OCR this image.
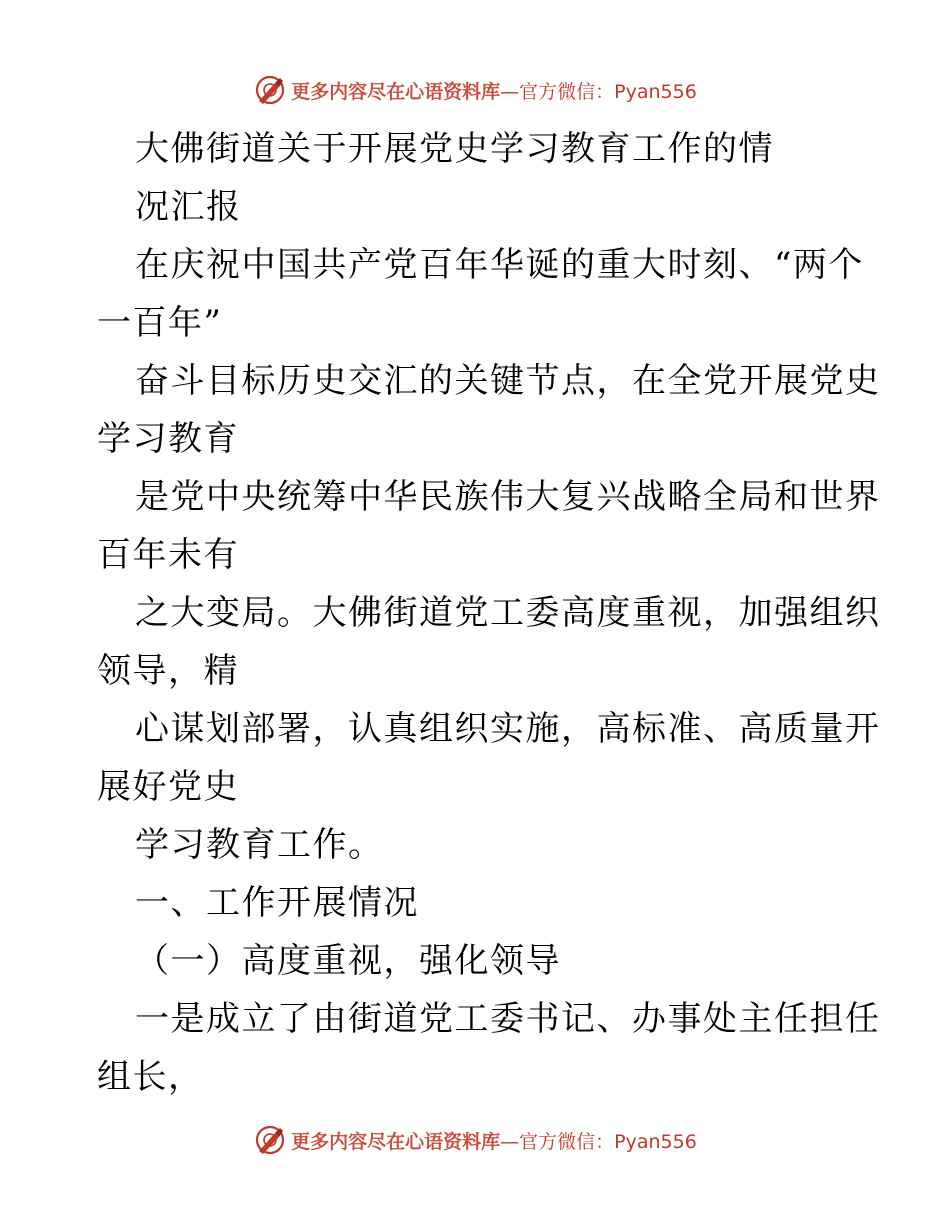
更多内容尽在心语资料库—官方微信：Pyan556
大佛街道关于开展党史学习教育工作的情
况汇报
在庆祝中国共产党百年华诞的重大时刻、“两个
一百年”
奋斗目标历史交汇的关键节点，在全党开展党史
学习教育
是党中央统筹中华民族伟大复兴战略全局和世界
百年未有
之大变局。大佛街道党工委高度重视，加强组织
领导，精
心谋划部署，认真组织实施，高标准、高质量开
展好党史
学习教育工作。
一、工作开展情况
（一）高度重视，强化领导
一是成立了由街道党工委书记、办事处主任担任
组长，
更多内容尽在心语资料库—官方微信：Pyan556
